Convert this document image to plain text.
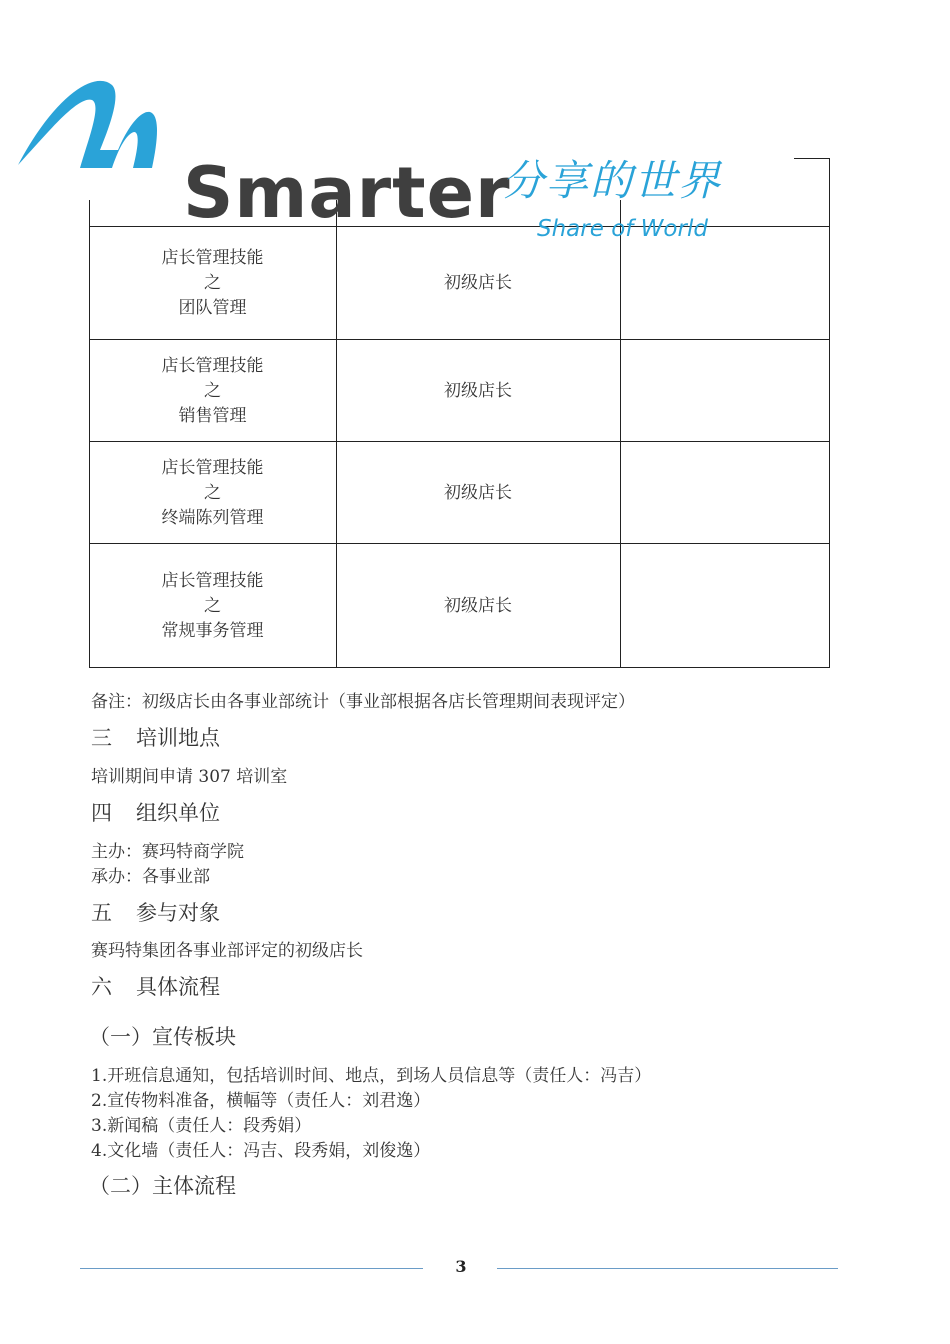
店长管理技能
之
团队管理
初级店长
店长管理技能
之
销售管理
初级店长
店长管理技能
之
终端陈列管理
初级店长
店长管理技能
之
常规事务管理
初级店长
Smarter
分享的世界
Share of World
备注：初级店长由各事业部统计（事业部根据各店长管理期间表现评定）
三 培训地点
培训期间申请 307 培训室
四 组织单位
主办：赛玛特商学院
承办：各事业部
五 参与对象
赛玛特集团各事业部评定的初级店长
六 具体流程
（一）宣传板块
1.开班信息通知，包括培训时间、地点，到场人员信息等（责任人：冯吉）
2.宣传物料准备，横幅等（责任人：刘君逸）
3.新闻稿（责任人：段秀娟）
4.文化墙（责任人：冯吉、段秀娟，刘俊逸）
（二）主体流程
3
